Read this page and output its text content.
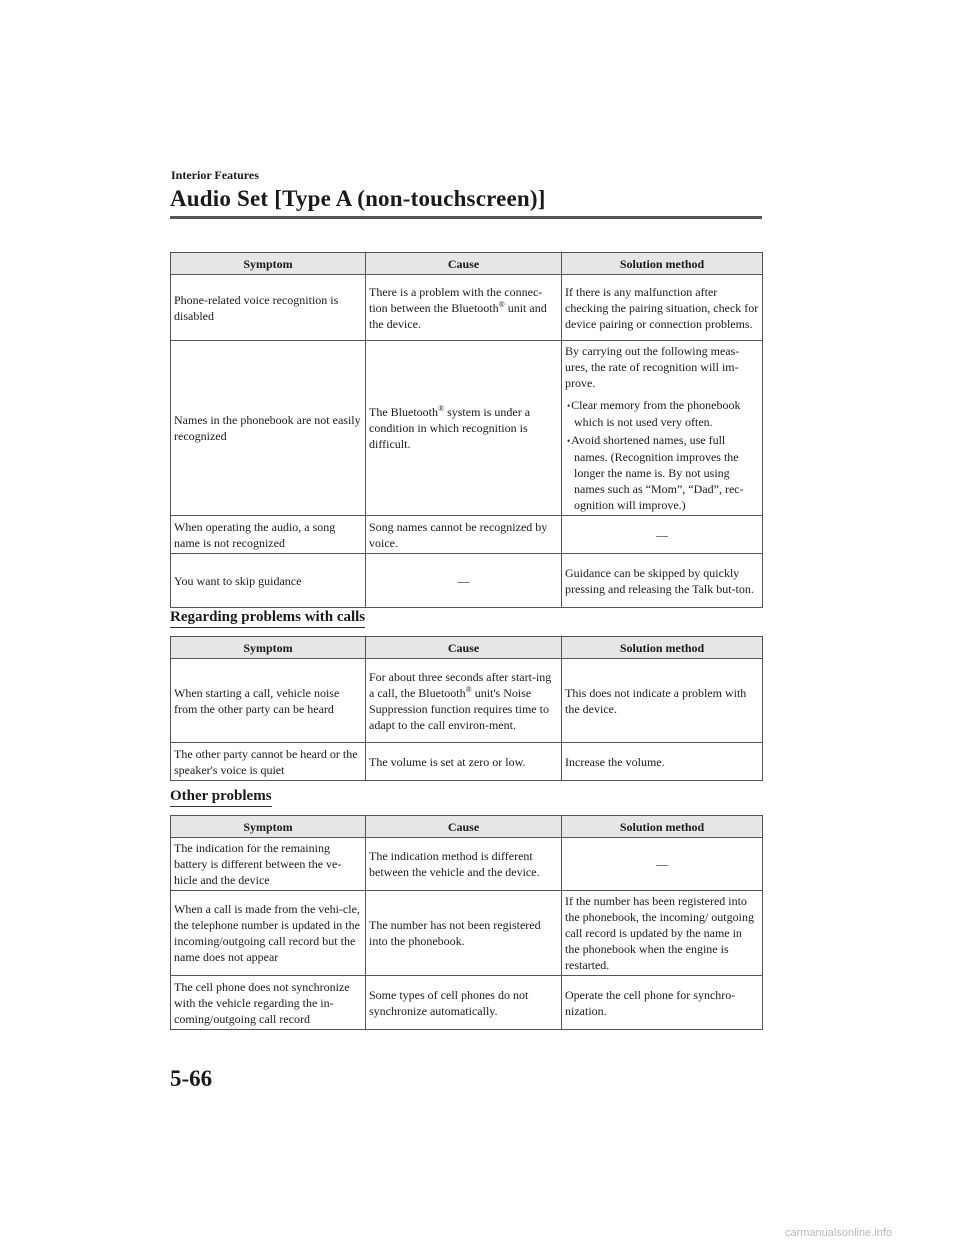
Interior Features
Audio Set [Type A (non-touchscreen)]
Symptom	Cause	Solution method
Phone-related voice recognition is disabled	There is a problem with the connec-tion between the Bluetooth® unit and the device.	If there is any malfunction after checking the pairing situation, check for device pairing or connection problems.
Names in the phonebook are not easily recognized	The Bluetooth® system is under a condition in which recognition is difficult.	By carrying out the following meas-ures, the rate of recognition will im-prove.
• Clear memory from the phonebook which is not used very often.
• Avoid shortened names, use full names. (Recognition improves the longer the name is. By not using names such as “Mom”, “Dad”, rec-ognition will improve.)

When operating the audio, a song name is not recognized	Song names cannot be recognized by voice.	—
You want to skip guidance	—	Guidance can be skipped by quickly pressing and releasing the Talk but-ton.
Regarding problems with calls
Symptom	Cause	Solution method
When starting a call, vehicle noise from the other party can be heard	For about three seconds after start-ing a call, the Bluetooth® unit's Noise Suppression function requires time to adapt to the call environ-ment.	This does not indicate a problem with the device.
The other party cannot be heard or the speaker's voice is quiet	The volume is set at zero or low.	Increase the volume.
Other problems
Symptom	Cause	Solution method
The indication for the remaining battery is different between the ve-hicle and the device	The indication method is different between the vehicle and the device.	—
When a call is made from the vehi-cle, the telephone number is updated in the incoming/outgoing call record but the name does not appear	The number has not been registered into the phonebook.	If the number has been registered into the phonebook, the incoming/ outgoing call record is updated by the name in the phonebook when the engine is restarted.
The cell phone does not synchronize with the vehicle regarding the in-coming/outgoing call record	Some types of cell phones do not synchronize automatically.	Operate the cell phone for synchro-nization.
5-66
carmanualsonline.info
